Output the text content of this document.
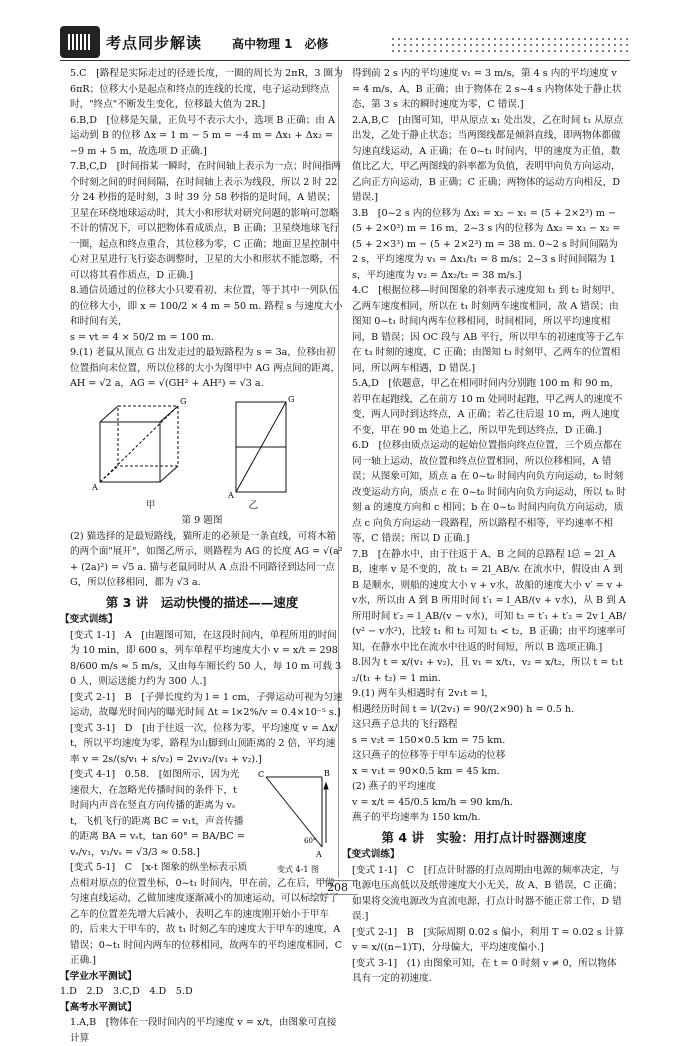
考点同步解读 高中物理 1　必修

5.C　[路程是实际走过的径迹长度，一圈的周长为 2πR，3 圈为 6πR；位移大小是起点和终点的连线的长度，电子运动到终点时，"终点"不断发生变化，位移最大值为 2R.]

6.B,D　[位移是矢量，正负号不表示大小，选项 B 正确；由 A 运动到 B 的位移 Δx = 1 m − 5 m = −4 m = Δx₁ + Δx₂ = −9 m + 5 m，故选项 D 正确.]

7.B,C,D　[时间指某一瞬时，在时间轴上表示为一点；时间指两个时刻之间的时间间隔，在时间轴上表示为线段，所以 2 时 22 分 24 秒指的是时刻，3 时 39 分 58 秒指的是时间，A 错误；卫星在环绕地球运动时，其大小和形状对研究问题的影响可忽略不计的情况下，可以把物体看成质点，B 正确；卫星绕地球飞行一圈，起点和终点重合，其位移为零，C 正确；地面卫星控制中心对卫星进行飞行姿态调整时，卫星的大小和形状不能忽略，不可以将其看作质点，D 正确.]

8.通信员通过的位移大小只要看初、末位置，等于其中一列队伍的位移大小，即 x = 100/2 × 4 m = 50 m. 路程 s 与速度大小和时间有关，

s = vt = 4 × 50/2 m = 100 m.

9.(1) 老鼠从顶点 G 出发走过的最短路程为 s = 3a，位移由初位置指向末位置，所以位移的大小为图甲中 AG 两点间的距离，AH = √2 a，AG = √(GH² + AH²) = √3 a.

A
G
A
G

甲	乙

第 9 题图

(2) 猫选择的是最短路线，猫所走的必须是一条直线，可将木箱的两个面"展开"，如图乙所示，则路程为 AG 的长度 AG = √(a² + (2a)²) = √5 a. 猫与老鼠同时从 A 点沿不同路径到达同一点 G，所以位移相同，都为 √3 a.

第 3 讲　运动快慢的描述——速度

【变式训练】

[变式 1-1]　A　[由题图可知，在这段时间内，单程所用的时间为 10 min，即 600 s，列车单程平均速度大小 v = x/t = 2988/600 m/s ≈ 5 m/s，又由每车厢长约 50 人，每 10 m 可载 30 人，则运送能力约为 300 人.]

[变式 2-1]　B　[子弹长度约为 l = 1 cm，子弹运动可视为匀速运动，故曝光时间内的曝光时间 Δt = l×2%/v = 0.4×10⁻⁵ s.]

[变式 3-1]　D　[由于往返一次，位移为零，平均速度 v = Δx/t，所以平均速度为零，路程为山脚到山顶距离的 2 倍，平均速率 v = 2s/(s/v₁ + s/v₂) = 2v₁v₂/(v₁ + v₂).]

C
A
B
60°
变式 4-1 图

[变式 4-1]　0.58.　[如图所示，因为光速很大，在忽略光传播时间的条件下，t 时间内声音在竖直方向传播的距离为 vₛt，飞机飞行的距离 BC = v₁t，声音传播的距离 BA = vₛt，tan 60° = BA/BC = vₛ/v₁，v₁/vₛ = √3/3 ≈ 0.58.]

[变式 5-1]　C　[x-t 图象的纵坐标表示质点相对原点的位置坐标，0~t₁ 时间内，甲在前，乙在后，甲做匀速直线运动，乙做加速度逐渐减小的加速运动，可以标绘好了乙车的位置差先增大后减小，表明乙车的速度刚开始小于甲车的，后来大于甲车的，故 t₁ 时刻乙车的速度大于甲车的速度，A 错误；0~t₁ 时间内两车的位移相同，故两车的平均速度相同，C 正确.]

【学业水平测试】

1.D　2.D　3.C,D　4.D　5.D

【高考水平测试】

1.A,B　[物体在一段时间内的平均速度 v = x/t，由图象可直接计算

得到前 2 s 内的平均速度 v₁ = 3 m/s，第 4 s 内的平均速度 v = 4 m/s，A、B 正确；由于物体在 2 s~4 s 内物体处于静止状态，第 3 s 末的瞬时速度为零，C 错误.]

2.A,B,C　[由图可知，甲从原点 x₁ 处出发，乙在时间 t₁ 从原点出发，乙处于静止状态；当两图线都是倾斜直线，即两物体都做匀速直线运动，A 正确；在 0~t₁ 时间内，甲的速度为正值，数值比乙大，甲乙两图线的斜率都为负值，表明甲向负方向运动，乙向正方向运动，B 正确；C 正确；两物体的运动方向相反，D 错误.]

3.B　[0~2 s 内的位移为 Δx₁ = x₂ − x₁ = (5 + 2×2³) m − (5 + 2×0³) m = 16 m，2~3 s 内的位移为 Δx₂ = x₃ − x₂ = (5 + 2×3³) m − (5 + 2×2³) m = 38 m. 0~2 s 时间间隔为 2 s，平均速度为 v₁ = Δx₁/t₁ = 8 m/s；2~3 s 时间间隔为 1 s，平均速度为 v₂ = Δx₂/t₂ = 38 m/s.]

4.C　[根据位移—时间图象的斜率表示速度知 t₁ 到 t₂ 时刻甲、乙两车速度相同，所以在 t₁ 时刻两车速度相同，故 A 错误；由图知 0~t₁ 时间内两车位移相同，时间相同，所以平均速度相同，B 错误；因 OC 段与 AB 平行，所以甲车的初速度等于乙车在 t₃ 时刻的速度，C 正确；由图知 t₃ 时刻甲、乙两车的位置相同，所以两车相遇，D 错误.]

5.A,D　[依题意，甲乙在相同时间内分别跑 100 m 和 90 m，若甲在起跑线，乙在前方 10 m 处同时起跑，甲乙两人的速度不变，两人同时到达终点，A 正确；若乙往后退 10 m，两人速度不变，甲在 90 m 处追上乙，所以甲先到达终点，D 正确.]

6.D　[位移由质点运动的起始位置指向终点位置，三个质点都在同一轴上运动，故位置和终点位置相同，所以位移相同，A 错误；从图象可知，质点 a 在 0~t₀ 时间内向负方向运动，t₀ 时刻改变运动方向，质点 c 在 0~t₀ 时间内向负方向运动，所以 t₀ 时刻 a 的速度方向和 c 相同；b 在 0~t₀ 时间内向负方向运动，质点 c 向负方向运动一段路程，所以路程不相等，平均速率不相等，C 错误；所以 D 正确.]

7.B　[在静水中，由于往返于 A、B 之间的总路程 l总 = 2l_AB，速率 v 是不变的，故 t₁ = 2l_AB/v. 在流水中，假设由 A 到 B 是顺水，则船的速度大小 v + v水，故船的速度大小 v′ = v + v水，所以由 A 到 B 所用时间 t′₁ = l_AB/(v + v水)，从 B 到 A 所用时间 t′₂ = l_AB/(v − v水)，可知 t₂ = t′₁ + t′₂ = 2v l_AB/(v² − v水²)，比较 t₁ 和 t₂ 可知 t₁ < t₂，B 正确；由平均速率可知，在静水中比在流水中往返的时间短，所以 B 选项正确.]

8.因为 t = x/(v₁ + v₂)，且 v₁ = x/t₁，v₂ = x/t₂，所以 t = t₁t₂/(t₁ + t₂) = 1 min.

9.(1) 两车头相遇时有 2v₁t = l，

相遇经历时间 t = l/(2v₁) = 90/(2×90) h = 0.5 h.

这只燕子总共的飞行路程

s = v₂t = 150×0.5 km = 75 km.

这只燕子的位移等于甲车运动的位移

x = v₁t = 90×0.5 km = 45 km.

(2) 燕子的平均速度

v = x/t = 45/0.5 km/h = 90 km/h.

燕子的平均速率为 150 km/h.

第 4 讲　实验：用打点计时器测速度

【变式训练】

[变式 1-1]　C　[打点计时器的打点周期由电源的频率决定，与电源电压高低以及纸带速度大小无关，故 A、B 错误，C 正确；如果将交流电源改为直流电源，打点计时器不能正常工作，D 错误.]

[变式 2-1]　B　[实际周期 0.02 s 偏小，利用 T = 0.02 s 计算 v = x/((n−1)T)，分母偏大，平均速度偏小.]

[变式 3-1]　(1) 由图象可知，在 t = 0 时刻 v ≠ 0，所以物体具有一定的初速度.

208
